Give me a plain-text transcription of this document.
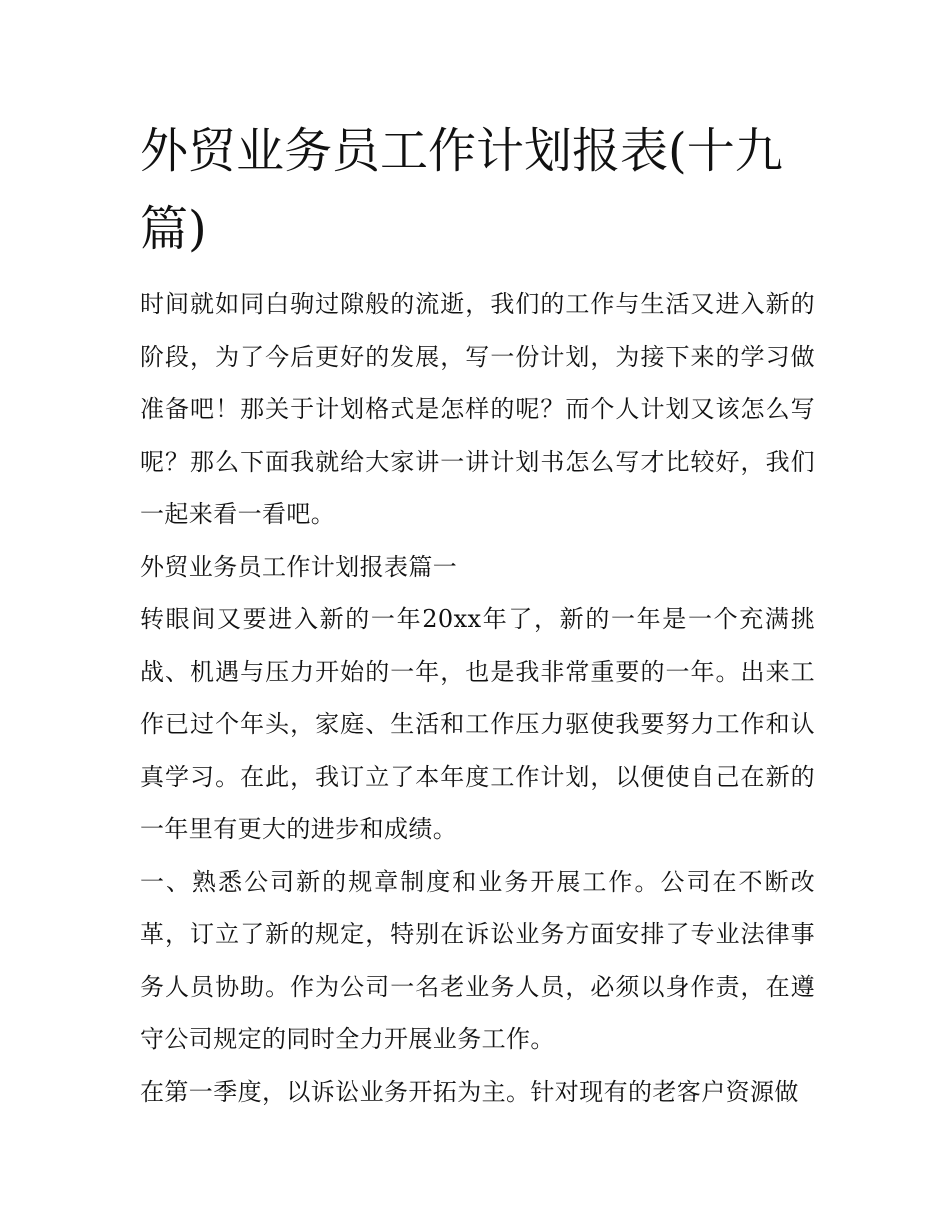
外贸业务员工作计划报表(十九篇)

时间就如同白驹过隙般的流逝，我们的工作与生活又进入新的阶段，为了今后更好的发展，写一份计划，为接下来的学习做准备吧！那关于计划格式是怎样的呢？而个人计划又该怎么写呢？那么下面我就给大家讲一讲计划书怎么写才比较好，我们一起来看一看吧。

外贸业务员工作计划报表篇一

转眼间又要进入新的一年20xx年了，新的一年是一个充满挑战、机遇与压力开始的一年，也是我非常重要的一年。出来工作已过个年头，家庭、生活和工作压力驱使我要努力工作和认真学习。在此，我订立了本年度工作计划，以便使自己在新的一年里有更大的进步和成绩。

一、熟悉公司新的规章制度和业务开展工作。公司在不断改革，订立了新的规定，特别在诉讼业务方面安排了专业法律事务人员协助。作为公司一名老业务人员，必须以身作责，在遵守公司规定的同时全力开展业务工作。

在第一季度，以诉讼业务开拓为主。针对现有的老客户资源做
